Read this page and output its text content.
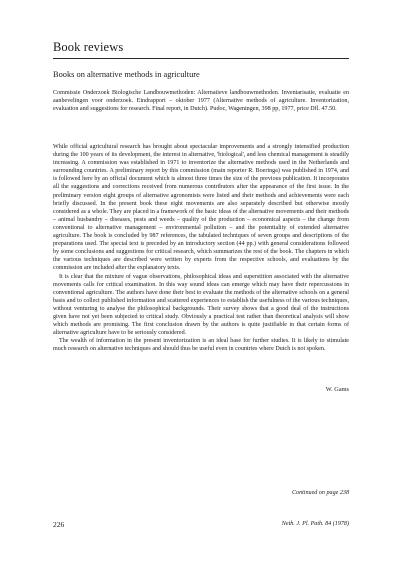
Book reviews
Books on alternative methods in agriculture

Commissie Onderzoek Biologische Landbouwmethoden: Alternatieve landbouwmethoden. Inventarisatie, evaluatie en aanbevelingen voor onderzoek. Eindrapport – oktober 1977 (Alternative methods of agriculture. Inventorization, evaluation and suggestions for research. Final report, in Dutch). Pudoc, Wageningen, 398 pp, 1977, price Dfl. 47.50.

While official agricultural research has brought about spectacular improvements and a strongly intensified production during the 100 years of its development, the interest in alternative, 'biological', and less chemical management is steadily increasing. A commission was established in 1971 to inventorize the alternative methods used in the Netherlands and surrounding countries. A preliminary report by this commission (main reporter R. Boeringa) was published in 1974, and is followed here by an official document which is almost three times the size of the previous publication. It incorporates all the suggestions and corrections received from numerous contributors after the appearance of the first issue. In the preliminary version eight groups of alternative agronomists were listed and their methods and achievements were each briefly discussed. In the present book these eight movements are also separately described but otherwise mostly considered as a whole. They are placed in a framework of the basic ideas of the alternative movements and their methods – animal husbandry – diseases, pests and weeds – quality of the production – economical aspects – the change from conventional to alternative management – environmental pollution – and the potentiality of extended alternative agriculture. The book is concluded by 987 references, the tabulated techniques of seven groups and descriptions of the preparations used. The special text is preceded by an introductory section (44 pp.) with general considerations followed by some conclusions and suggestions for critical research, which summarizes the rest of the book. The chapters in which the various techniques are described were written by experts from the respective schools, and evaluations by the commission are included after the explanatory texts.

It is clear that the mixture of vague observations, philosophical ideas and superstition associated with the alternative movements calls for critical examination. In this way sound ideas can emerge which may have their repercussions in conventional agriculture. The authors have done their best to evaluate the methods of the alternative schools on a general basis and to collect published information and scattered experiences to establish the usefulness of the various techniques, without venturing to analyse the philosophical backgrounds. Their survey shows that a good deal of the instructions given have not yet been subjected to critical study. Obviously a practical test rather than theoretical analysis will show which methods are promising. The first conclusion drawn by the authors is quite justifiable in that certain forms of alternative agriculture have to be seriously considered.

The wealth of information in the present inventorization is an ideal base for further studies. It is likely to stimulate much research on alternative techniques and should thus be useful even in countries where Dutch is not spoken.

W. Gams
Continued on page 238
226	Neth. J. Pl. Path. 84 (1978)
